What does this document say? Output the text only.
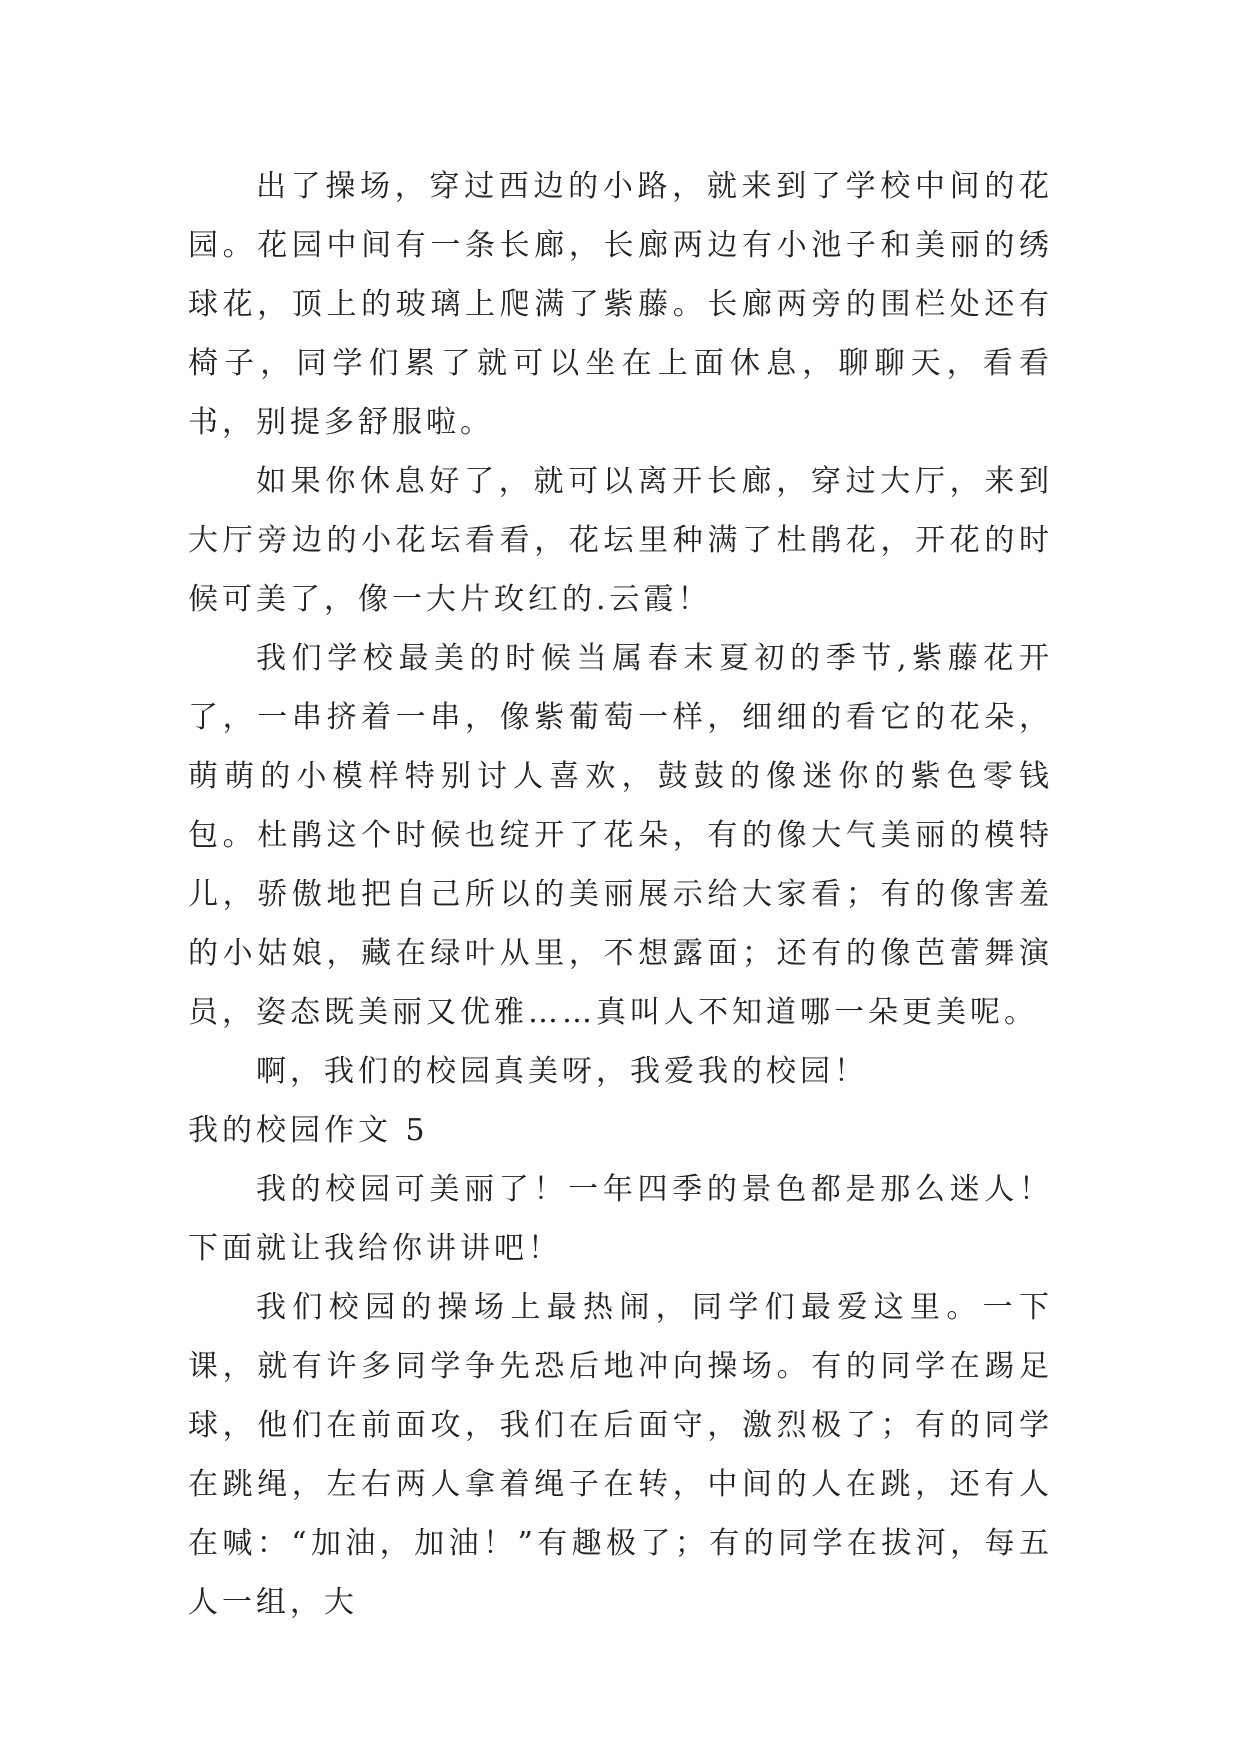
出了操场，穿过西边的小路，就来到了学校中间的花园。花园中间有一条长廊，长廊两边有小池子和美丽的绣球花，顶上的玻璃上爬满了紫藤。长廊两旁的围栏处还有椅子，同学们累了就可以坐在上面休息，聊聊天，看看书，别提多舒服啦。

如果你休息好了，就可以离开长廊，穿过大厅，来到大厅旁边的小花坛看看，花坛里种满了杜鹃花，开花的时候可美了，像一大片玫红的.云霞！

我们学校最美的时候当属春末夏初的季节,紫藤花开了，一串挤着一串，像紫葡萄一样，细细的看它的花朵，萌萌的小模样特别讨人喜欢，鼓鼓的像迷你的紫色零钱包。杜鹃这个时候也绽开了花朵，有的像大气美丽的模特儿，骄傲地把自己所以的美丽展示给大家看；有的像害羞的小姑娘，藏在绿叶从里，不想露面；还有的像芭蕾舞演员，姿态既美丽又优雅……真叫人不知道哪一朵更美呢。

啊，我们的校园真美呀，我爱我的校园！

我的校园作文 5

我的校园可美丽了！一年四季的景色都是那么迷人！下面就让我给你讲讲吧！

我们校园的操场上最热闹，同学们最爱这里。一下课，就有许多同学争先恐后地冲向操场。有的同学在踢足球，他们在前面攻，我们在后面守，激烈极了；有的同学在跳绳，左右两人拿着绳子在转，中间的人在跳，还有人在喊：“加油，加油！”有趣极了；有的同学在拔河，每五人一组，大
